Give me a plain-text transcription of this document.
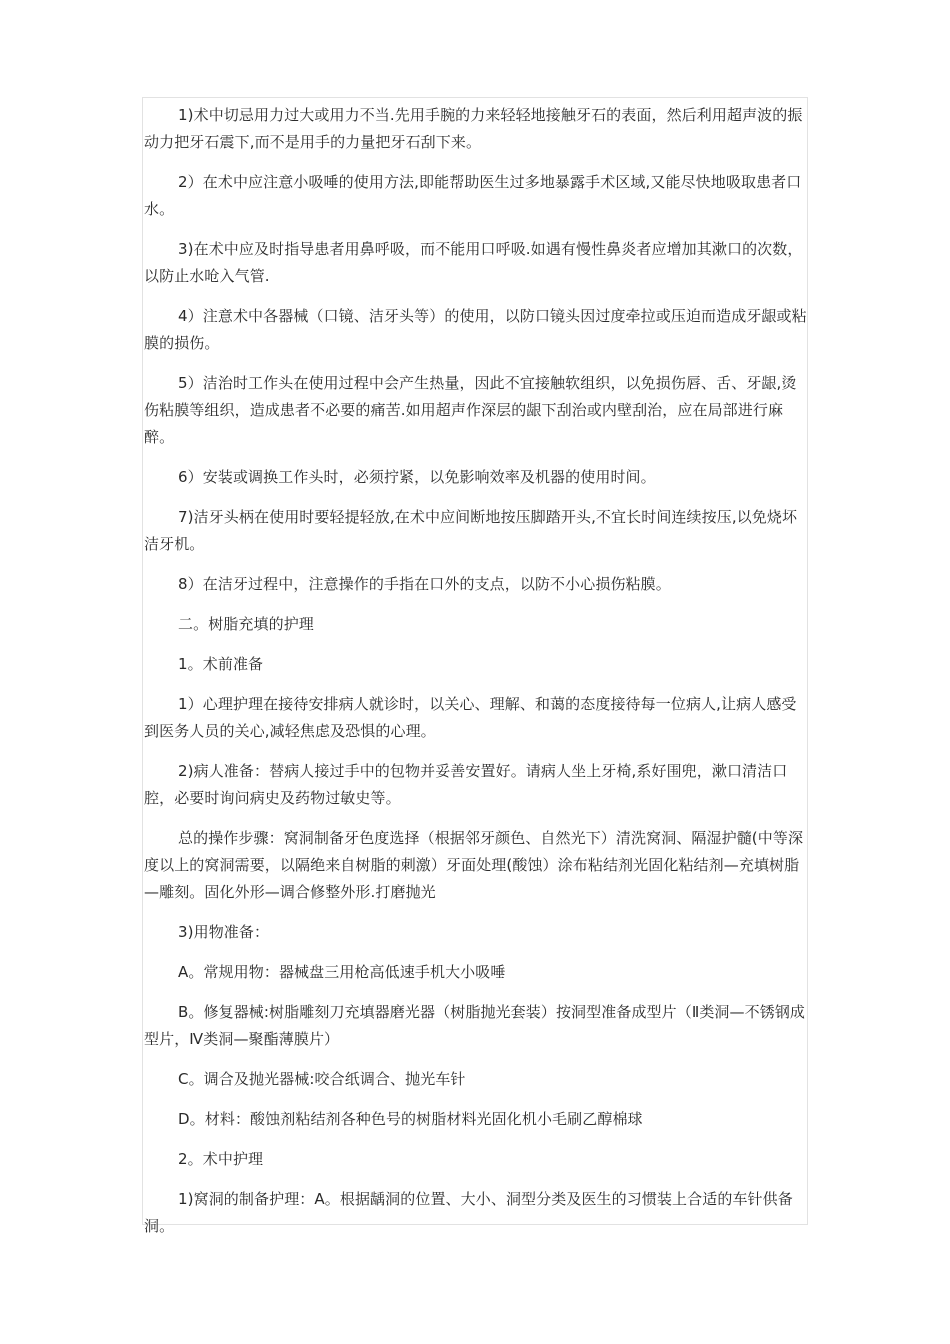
1)术中切忌用力过大或用力不当.先用手腕的力来轻轻地接触牙石的表面，然后利用超声波的振动力把牙石震下,而不是用手的力量把牙石刮下来。

2）在术中应注意小吸唾的使用方法,即能帮助医生过多地暴露手术区域,又能尽快地吸取患者口水。

3)在术中应及时指导患者用鼻呼吸，而不能用口呼吸.如遇有慢性鼻炎者应增加其漱口的次数，以防止水呛入气管.

4）注意术中各器械（口镜、洁牙头等）的使用，以防口镜头因过度牵拉或压迫而造成牙龈或粘膜的损伤。

5）洁治时工作头在使用过程中会产生热量，因此不宜接触软组织，以免损伤唇、舌、牙龈,烫伤粘膜等组织，造成患者不必要的痛苦.如用超声作深层的龈下刮治或内壁刮治，应在局部进行麻醉。

6）安装或调换工作头时，必须拧紧，以免影响效率及机器的使用时间。

7)洁牙头柄在使用时要轻提轻放,在术中应间断地按压脚踏开头,不宜长时间连续按压,以免烧坏洁牙机。

8）在洁牙过程中，注意操作的手指在口外的支点，以防不小心损伤粘膜。

二。树脂充填的护理

1。术前准备

1）心理护理在接待安排病人就诊时，以关心、理解、和蔼的态度接待每一位病人,让病人感受到医务人员的关心,减轻焦虑及恐惧的心理。

2)病人准备：替病人接过手中的包物并妥善安置好。请病人坐上牙椅,系好围兜，漱口清洁口腔，必要时询问病史及药物过敏史等。

总的操作步骤：窝洞制备牙色度选择（根据邻牙颜色、自然光下）清洗窝洞、隔湿护髓(中等深度以上的窝洞需要，以隔绝来自树脂的刺激）牙面处理(酸蚀）涂布粘结剂光固化粘结剂—充填树脂—雕刻。固化外形—调合修整外形.打磨抛光

3)用物准备：

A。常规用物：器械盘三用枪高低速手机大小吸唾

B。修复器械:树脂雕刻刀充填器磨光器（树脂抛光套装）按洞型准备成型片（Ⅱ类洞—不锈钢成型片，Ⅳ类洞—聚酯薄膜片）

C。调合及抛光器械:咬合纸调合、抛光车针

D。材料：酸蚀剂粘结剂各种色号的树脂材料光固化机小毛刷乙醇棉球

2。术中护理

1)窝洞的制备护理：A。根据龋洞的位置、大小、洞型分类及医生的习惯装上合适的车针供备洞。
